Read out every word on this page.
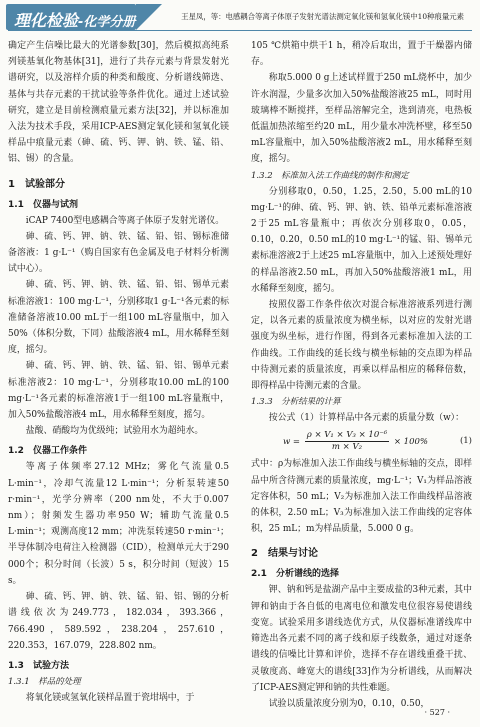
理化检验-化学分册	王星凤，等：电感耦合等离子体原子发射光谱法测定氧化镁和氢氧化镁中10种痕量元素

确定产生信噪比最大的光谱参数[30]，然后模拟高纯系列镁基氧化物基体[31]，进行了共存元素与背景发射光谱研究，以及溶样介质的种类和酸度、分析谱线筛选、基体与共存元素的干扰试验等条件优化。通过上述试验研究，建立是目前检测痕量元素方法[32]，并以标准加入法为技术手段，采用ICP-AES测定氧化镁和氢氧化镁样品中痕量元素（砷、硫、钙、钾、钠、铁、锰、铅、铝、锡）的含量。

1　试验部分
1.1　仪器与试剂

iCAP 7400型电感耦合等离子体原子发射光谱仪。

砷、硫、钙、钾、钠、铁、锰、铅、铝、锡标准储备溶液：1 g·L⁻¹（购自国家有色金属及电子材料分析测试中心）。

砷、硫、钙、钾、钠、铁、锰、铅、铝、锡单元素标准溶液1：100 mg·L⁻¹，分别移取1 g·L⁻¹各元素的标准储备溶液10.00 mL于一组100 mL容量瓶中，加入50%（体积分数，下同）盐酸溶液4 mL，用水稀释至刻度，摇匀。

砷、硫、钙、钾、钠、铁、锰、铅、铝、锡单元素标准溶液2：10 mg·L⁻¹，分别移取10.00 mL的100 mg·L⁻¹各元素的标准溶液1于一组100 mL容量瓶中，加入50%盐酸溶液4 mL，用水稀释至刻度，摇匀。

盐酸、硝酸均为优级纯；试验用水为超纯水。

1.2　仪器工作条件

等离子体频率27.12 MHz；雾化气流量0.5 L·min⁻¹，冷却气流量12 L·min⁻¹；分析泵转速50 r·min⁻¹，光学分辨率（200 nm处，不大于0.007 nm）；射频发生器功率950 W；辅助气流量0.5 L·min⁻¹；观测高度12 mm；冲洗泵转速50 r·min⁻¹；半导体制冷电荷注入检测器（CID），检测单元大于290 000个；积分时间（长波）5 s，积分时间（短波）15 s。

砷、硫、钙、钾、钠、铁、锰、铅、铝、锡的分析谱线依次为249.773，182.034，393.366，766.490，589.592，238.204，257.610，220.353，167.079，228.802 nm。

1.3　试验方法
1.3.1　样品的处理

将氧化镁或氢氧化镁样品置于瓷坩埚中，于

105 ℃烘箱中烘干1 h，稍冷后取出，置于干燥器内储存。

称取5.000 0 g上述试样置于250 mL烧杯中，加少许水润湿，少量多次加入50%盐酸溶液25 mL，同时用玻璃棒不断搅拌，至样品溶解完全，选到清亮，电热板低温加热浓缩至约20 mL，用少量水冲洗杯壁，移至50 mL容量瓶中，加入50%盐酸溶液2 mL，用水稀释至刻度，摇匀。

1.3.2　标准加入法工作曲线的制作和测定

分别移取0，0.50，1.25，2.50，5.00 mL的10 mg·L⁻¹的砷、硫、钙、钾、钠、铁、铅单元素标准溶液2于25 mL容量瓶中；再依次分别移取0，0.05，0.10，0.20，0.50 mL的10 mg·L⁻¹的锰、铅、锡单元素标准溶液2于上述25 mL容量瓶中，加入上述预处理好的样品溶液2.50 mL，再加入50%盐酸溶液1 mL，用水稀释至刻度，摇匀。

按照仪器工作条件依次对混合标准溶液系列进行测定，以各元素的质量浓度为横坐标，以对应的发射光谱强度为纵坐标，进行作图，得到各元素标准加入法的工作曲线。工作曲线的延长线与横坐标轴的交点即为样品中待测元素的质量浓度，再乘以样品相应的稀释倍数，即得样品中待测元素的含量。

1.3.3　分析结果的计算

按公式（1）计算样品中各元素的质量分数（w）：

$w = \frac{\text{ρ × V₁ × V₃ × 10⁻⁶}}{\text{m × V₂}} \times 100\%$	(1)

式中：ρ为标准加入法工作曲线与横坐标轴的交点，即样品中所含待测元素的质量浓度，mg·L⁻¹；V₁为样品溶液定容体积，50 mL；V₂为标准加入法工作曲线样品溶液的体积，2.50 mL；V₃为标准加入法工作曲线的定容体积，25 mL；m为样品质量，5.000 0 g。

2　结果与讨论
2.1　分析谱线的选择

钾、钠和钙是盐湖产品中主要成盐的3种元素，其中钾和钠由于各自低的电离电位和激发电位很容易使谱线变宽。试验采用多谱线选优方式，从仪器标准谱线库中筛选出各元素不同的离子线和原子线数条，通过对逐条谱线的信噪比计算和评价，选择不存在谱线重叠干扰、灵敏度高、峰宽大的谱线[33]作为分析谱线，从而解决了ICP-AES测定钾和钠的共性难题。

试验以质量浓度分别为0，0.10，0.50，

· 527 ·
